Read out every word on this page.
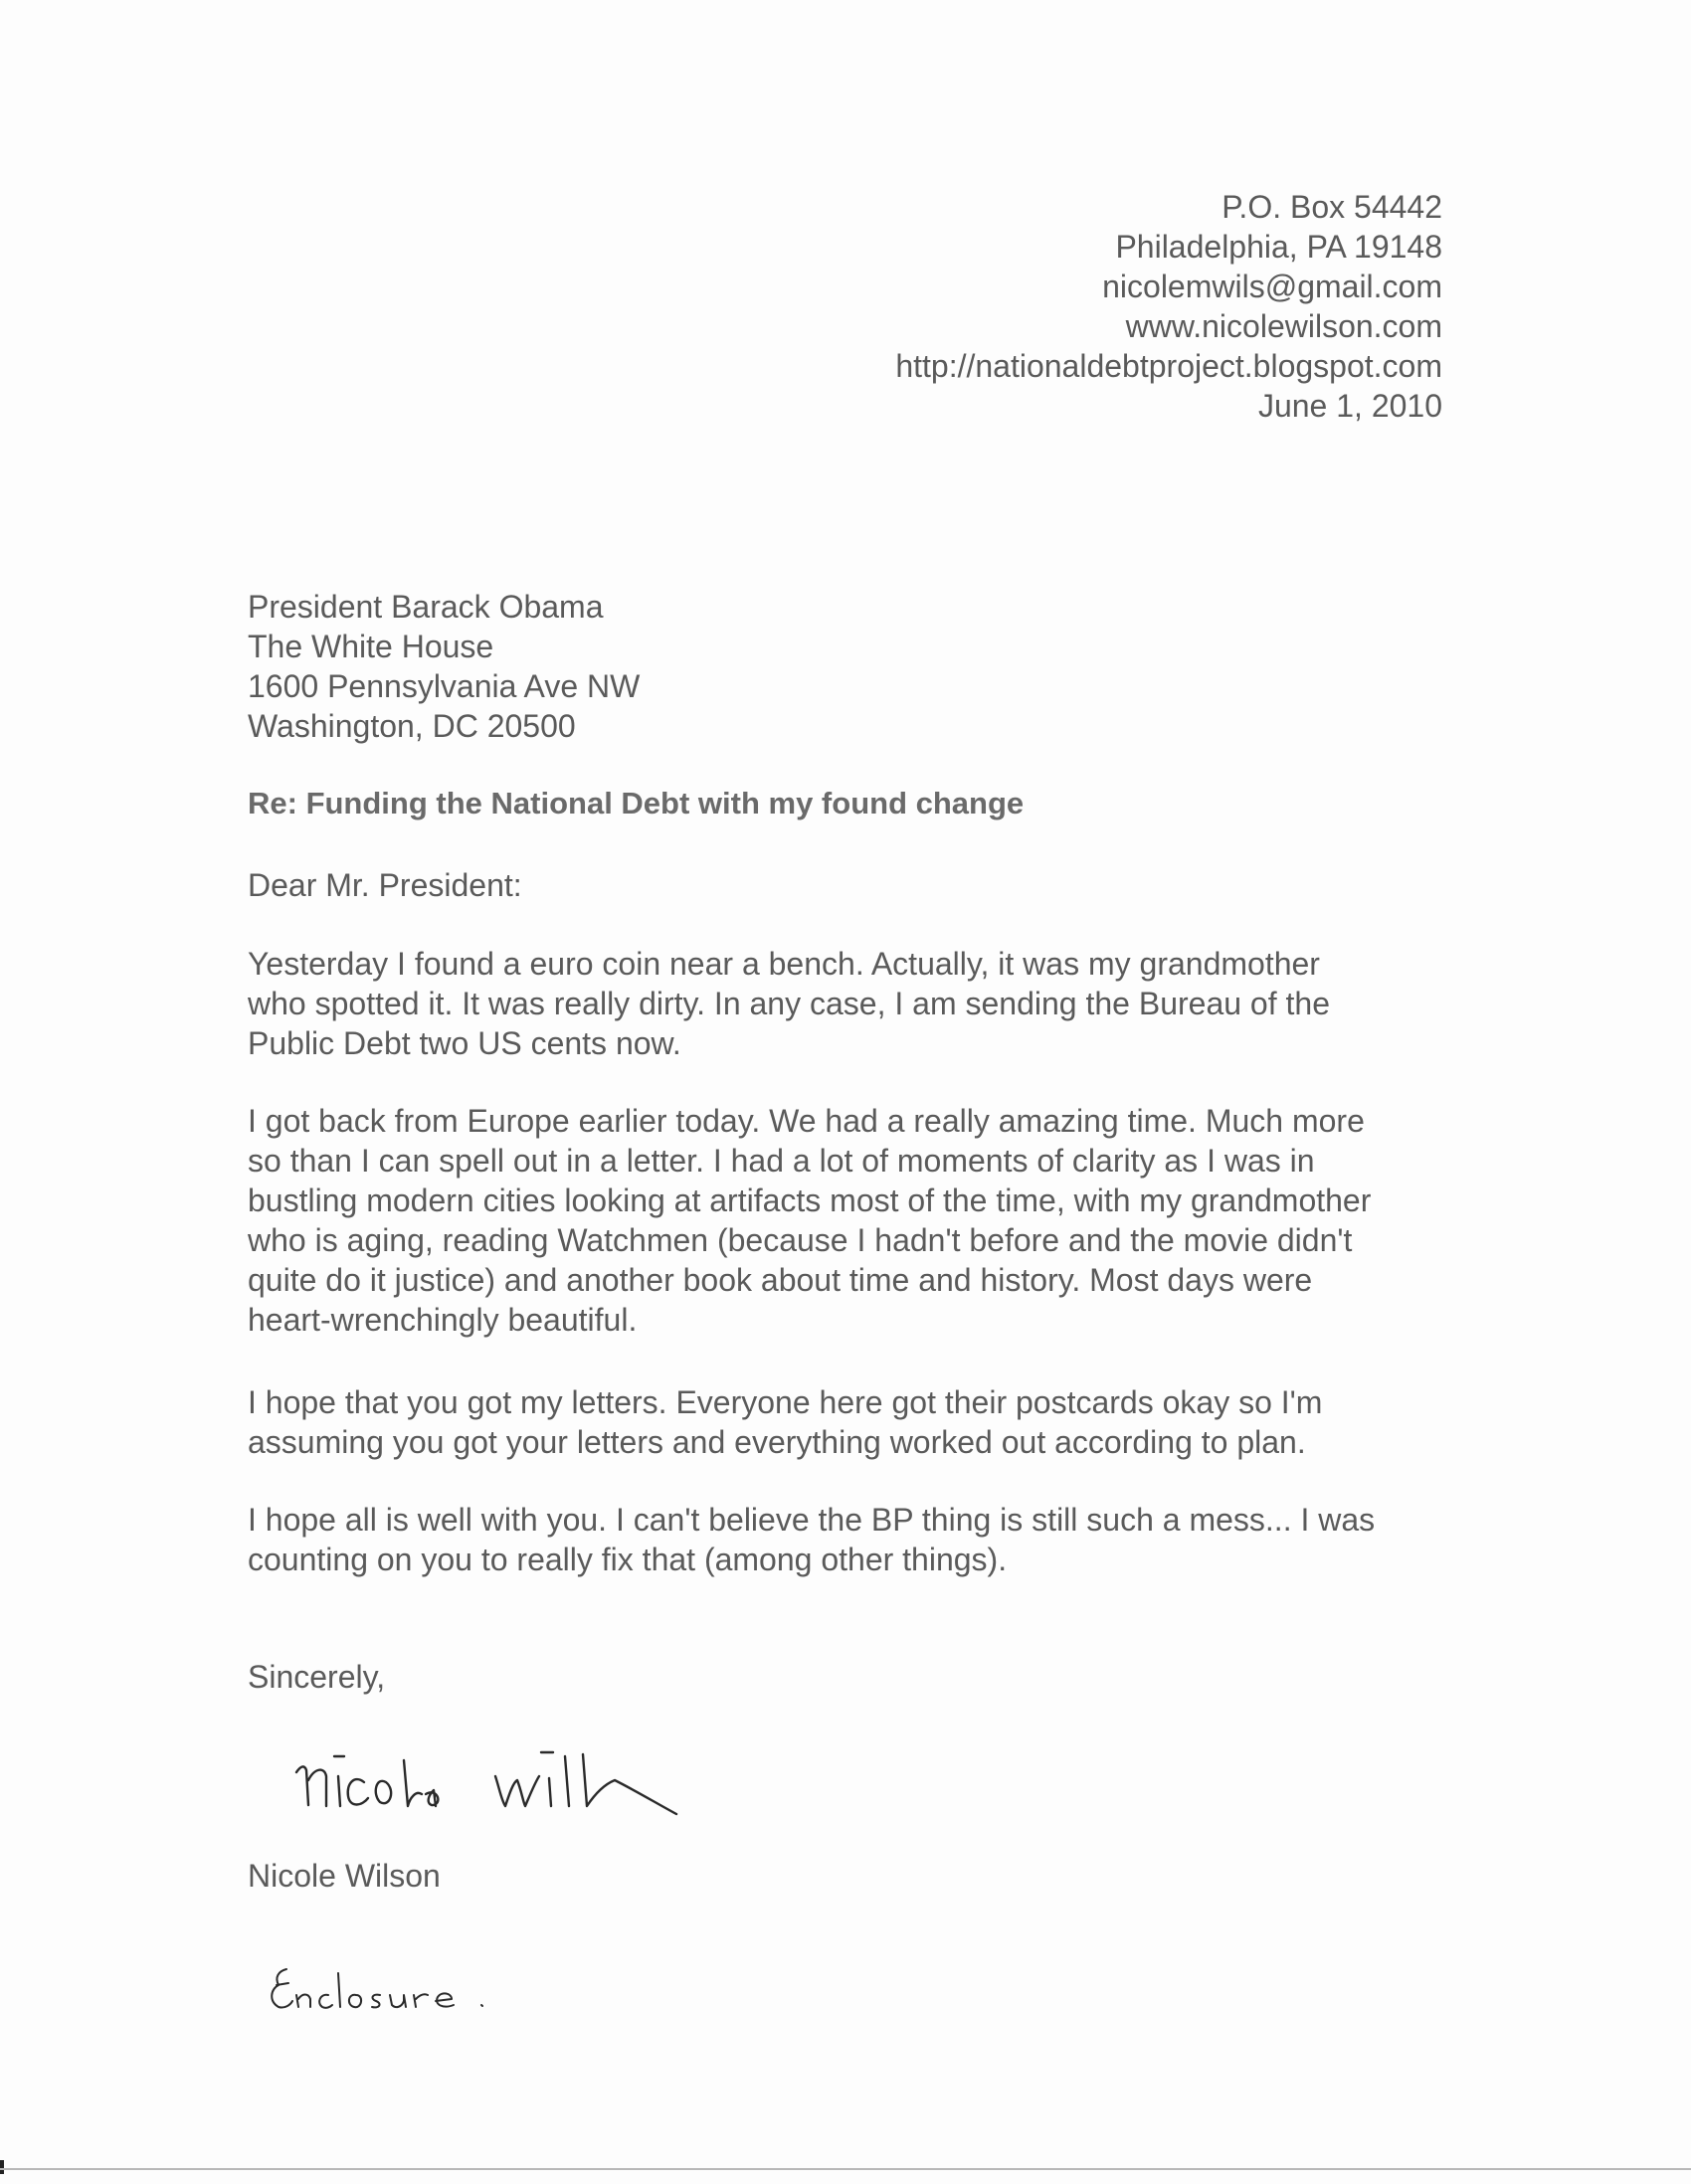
P.O. Box 54442
Philadelphia, PA 19148
nicolemwils@gmail.com
www.nicolewilson.com
http://nationaldebtproject.blogspot.com
June 1, 2010
President Barack Obama
The White House
1600 Pennsylvania Ave NW
Washington, DC 20500
Re: Funding the National Debt with my found change
Dear Mr. President:
Yesterday I found a euro coin near a bench. Actually, it was my grandmother
who spotted it. It was really dirty. In any case, I am sending the Bureau of the
Public Debt two US cents now.
I got back from Europe earlier today. We had a really amazing time. Much more
so than I can spell out in a letter. I had a lot of moments of clarity as I was in
bustling modern cities looking at artifacts most of the time, with my grandmother
who is aging, reading Watchmen (because I hadn't before and the movie didn't
quite do it justice) and another book about time and history. Most days were
heart-wrenchingly beautiful.
I hope that you got my letters. Everyone here got their postcards okay so I'm
assuming you got your letters and everything worked out according to plan.
I hope all is well with you. I can't believe the BP thing is still such a mess... I was
counting on you to really fix that (among other things).
Sincerely,
Nicole Wilson
